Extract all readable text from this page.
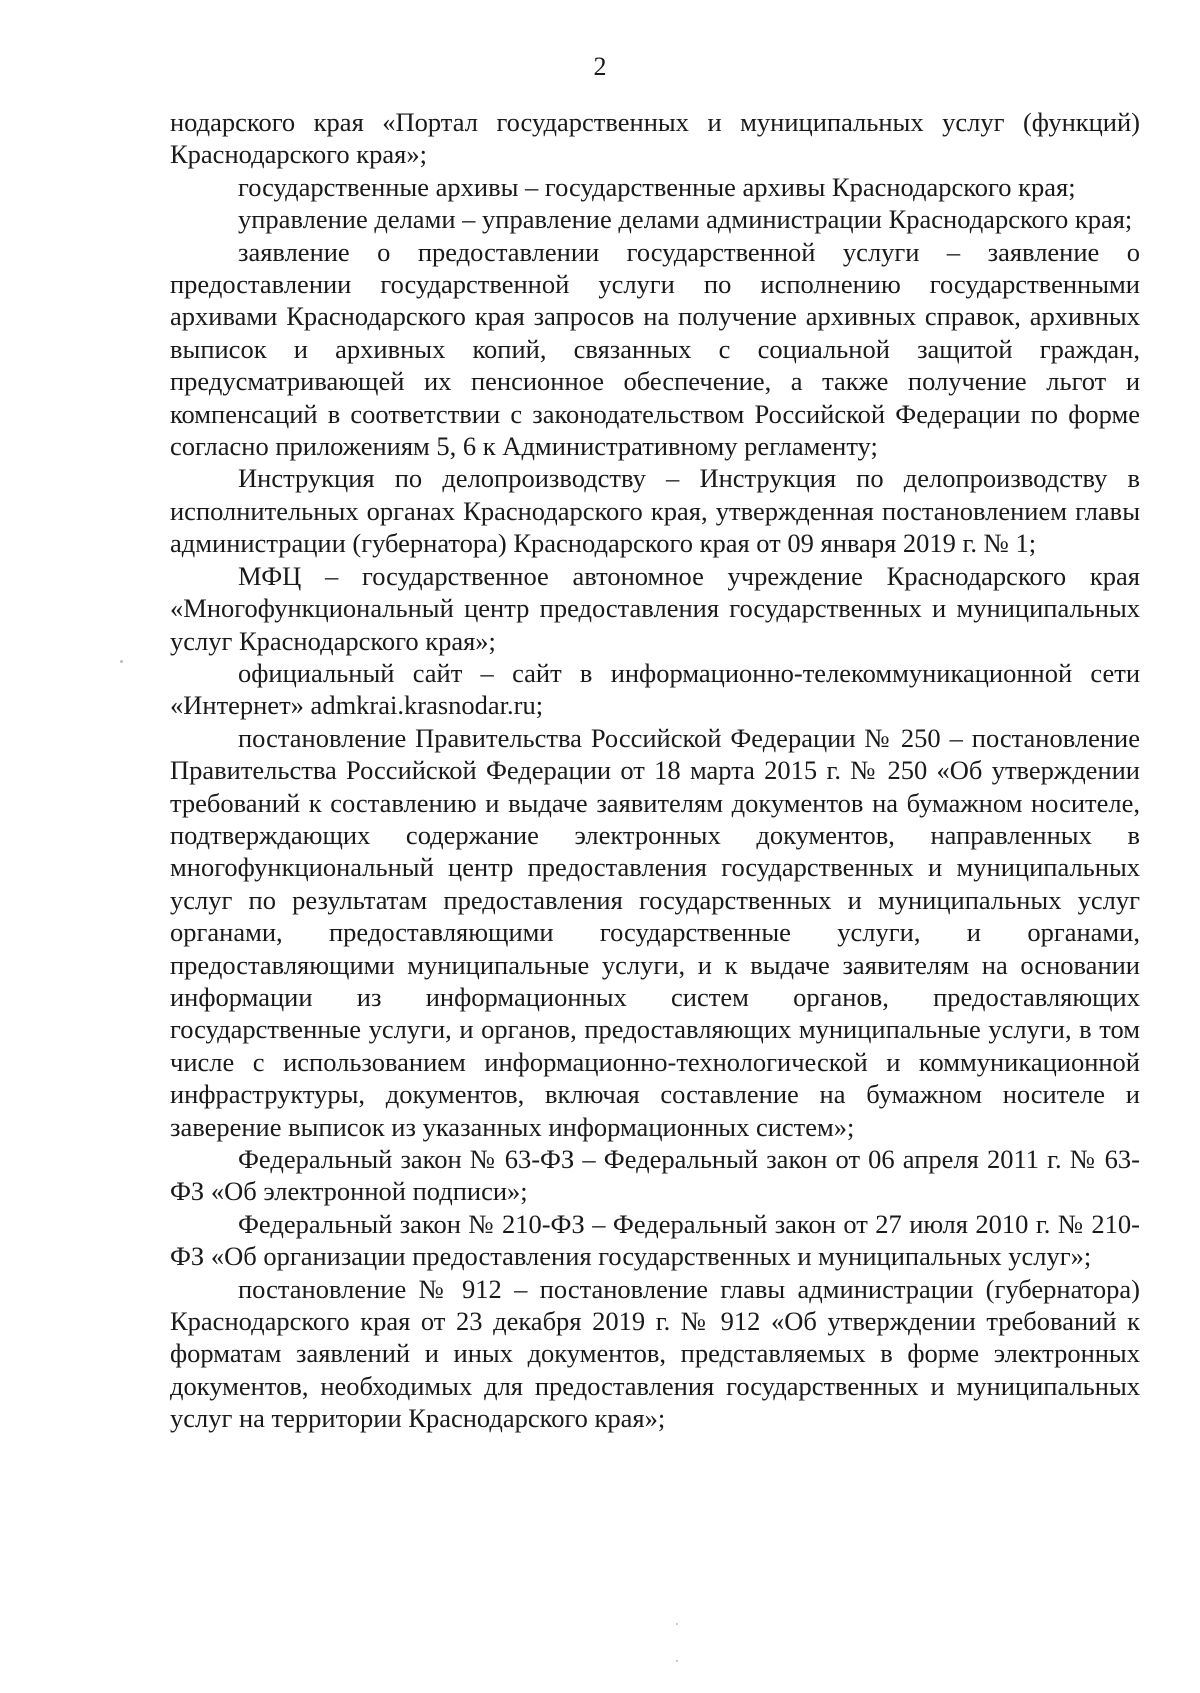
2

нодарского края «Портал государственных и муниципальных услуг (функций) Краснодарского края»;

государственные архивы – государственные архивы Краснодарского края;

управление делами – управление делами администрации Краснодарского края;

заявление о предоставлении государственной услуги – заявление о предоставлении государственной услуги по исполнению государственными архивами Краснодарского края запросов на получение архивных справок, архивных выписок и архивных копий, связанных с социальной защитой граждан, предусматривающей их пенсионное обеспечение, а также получение льгот и компенсаций в соответствии с законодательством Российской Федерации по форме согласно приложениям 5, 6 к Административному регламенту;

Инструкция по делопроизводству – Инструкция по делопроизводству в исполнительных органах Краснодарского края, утвержденная постановлением главы администрации (губернатора) Краснодарского края от 09 января 2019 г. № 1;

МФЦ – государственное автономное учреждение Краснодарского края «Многофункциональный центр предоставления государственных и муниципальных услуг Краснодарского края»;

официальный сайт – сайт в информационно-телекоммуникационной сети «Интернет» admkrai.krasnodar.ru;

постановление Правительства Российской Федерации № 250 – постановление Правительства Российской Федерации от 18 марта 2015 г. № 250 «Об утверждении требований к составлению и выдаче заявителям документов на бумажном носителе, подтверждающих содержание электронных документов, направленных в многофункциональный центр предоставления государственных и муниципальных услуг по результатам предоставления государственных и муниципальных услуг органами, предоставляющими государственные услуги, и органами, предоставляющими муниципальные услуги, и к выдаче заявителям на основании информации из информационных систем органов, предоставляющих государственные услуги, и органов, предоставляющих муниципальные услуги, в том числе с использованием информационно-технологической и коммуникационной инфраструктуры, документов, включая составление на бумажном носителе и заверение выписок из указанных информационных систем»;

Федеральный закон № 63-ФЗ – Федеральный закон от 06 апреля 2011 г. № 63-ФЗ «Об электронной подписи»;

Федеральный закон № 210-ФЗ – Федеральный закон от 27 июля 2010 г. № 210-ФЗ «Об организации предоставления государственных и муниципальных услуг»;

постановление № 912 – постановление главы администрации (губернатора) Краснодарского края от 23 декабря 2019 г. № 912 «Об утверждении требований к форматам заявлений и иных документов, представляемых в форме электронных документов, необходимых для предоставления государственных и муниципальных услуг на территории Краснодарского края»;
